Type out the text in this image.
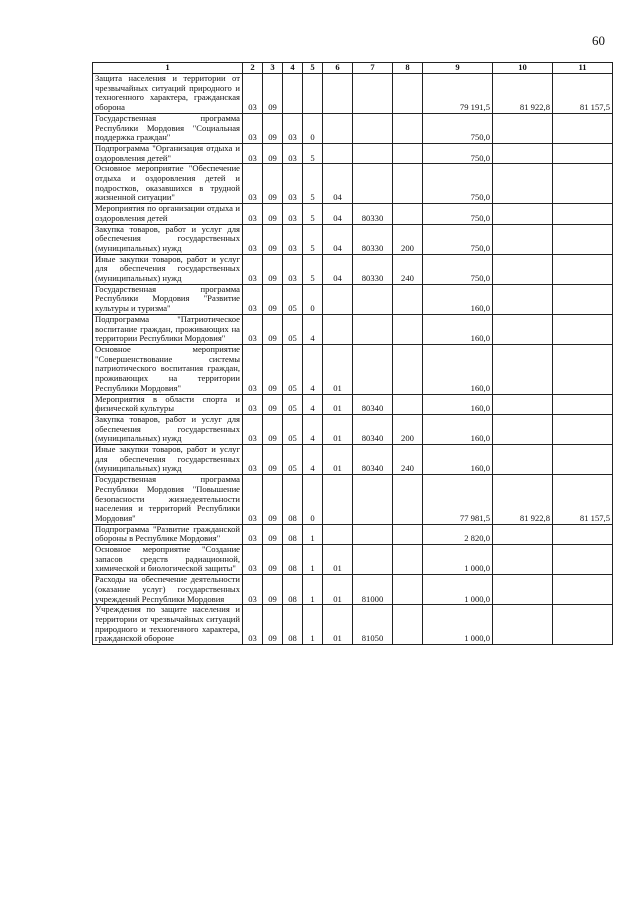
60
1	2	3	4	5	6	7	8	9	10	11
Защита населения и территории от чрезвычайных ситуаций природного и техногенного характера, гражданская оборона	03	09						79 191,5	81 922,8	81 157,5
Государственная программа Республики Мордовия "Социальная поддержка граждан"	03	09	03	0				750,0		
Подпрограмма "Организация отдыха и оздоровления детей"	03	09	03	5				750,0		
Основное мероприятие "Обеспечение отдыха и оздоровления детей и подростков, оказавшихся в трудной жизненной ситуации"	03	09	03	5	04			750,0		
Мероприятия по организации отдыха и оздоровления детей	03	09	03	5	04	80330		750,0		
Закупка товаров, работ и услуг для обеспечения государственных (муниципальных) нужд	03	09	03	5	04	80330	200	750,0		
Иные закупки товаров, работ и услуг для обеспечения государственных (муниципальных) нужд	03	09	03	5	04	80330	240	750,0		
Государственная программа Республики Мордовия "Развитие культуры и туризма"	03	09	05	0				160,0		
Подпрограмма "Патриотическое воспитание граждан, проживающих на территории Республики Мордовия"	03	09	05	4				160,0		
Основное мероприятие "Совершенствование системы патриотического воспитания граждан, проживающих на территории Республики Мордовия"	03	09	05	4	01			160,0		
Мероприятия в области спорта и физической культуры	03	09	05	4	01	80340		160,0		
Закупка товаров, работ и услуг для обеспечения государственных (муниципальных) нужд	03	09	05	4	01	80340	200	160,0		
Иные закупки товаров, работ и услуг для обеспечения государственных (муниципальных) нужд	03	09	05	4	01	80340	240	160,0		
Государственная программа Республики Мордовия "Повышение безопасности жизнедеятельности населения и территорий Республики Мордовия"	03	09	08	0				77 981,5	81 922,8	81 157,5
Подпрограмма "Развитие гражданской обороны в Республике Мордовия"	03	09	08	1				2 820,0		
Основное мероприятие "Создание запасов средств радиационной, химической и биологической защиты"	03	09	08	1	01			1 000,0		
Расходы на обеспечение деятельности (оказание услуг) государственных учреждений Республики Мордовия	03	09	08	1	01	81000		1 000,0		
Учреждения по защите населения и территории от чрезвычайных ситуаций природного и техногенного характера, гражданской обороне	03	09	08	1	01	81050		1 000,0		
